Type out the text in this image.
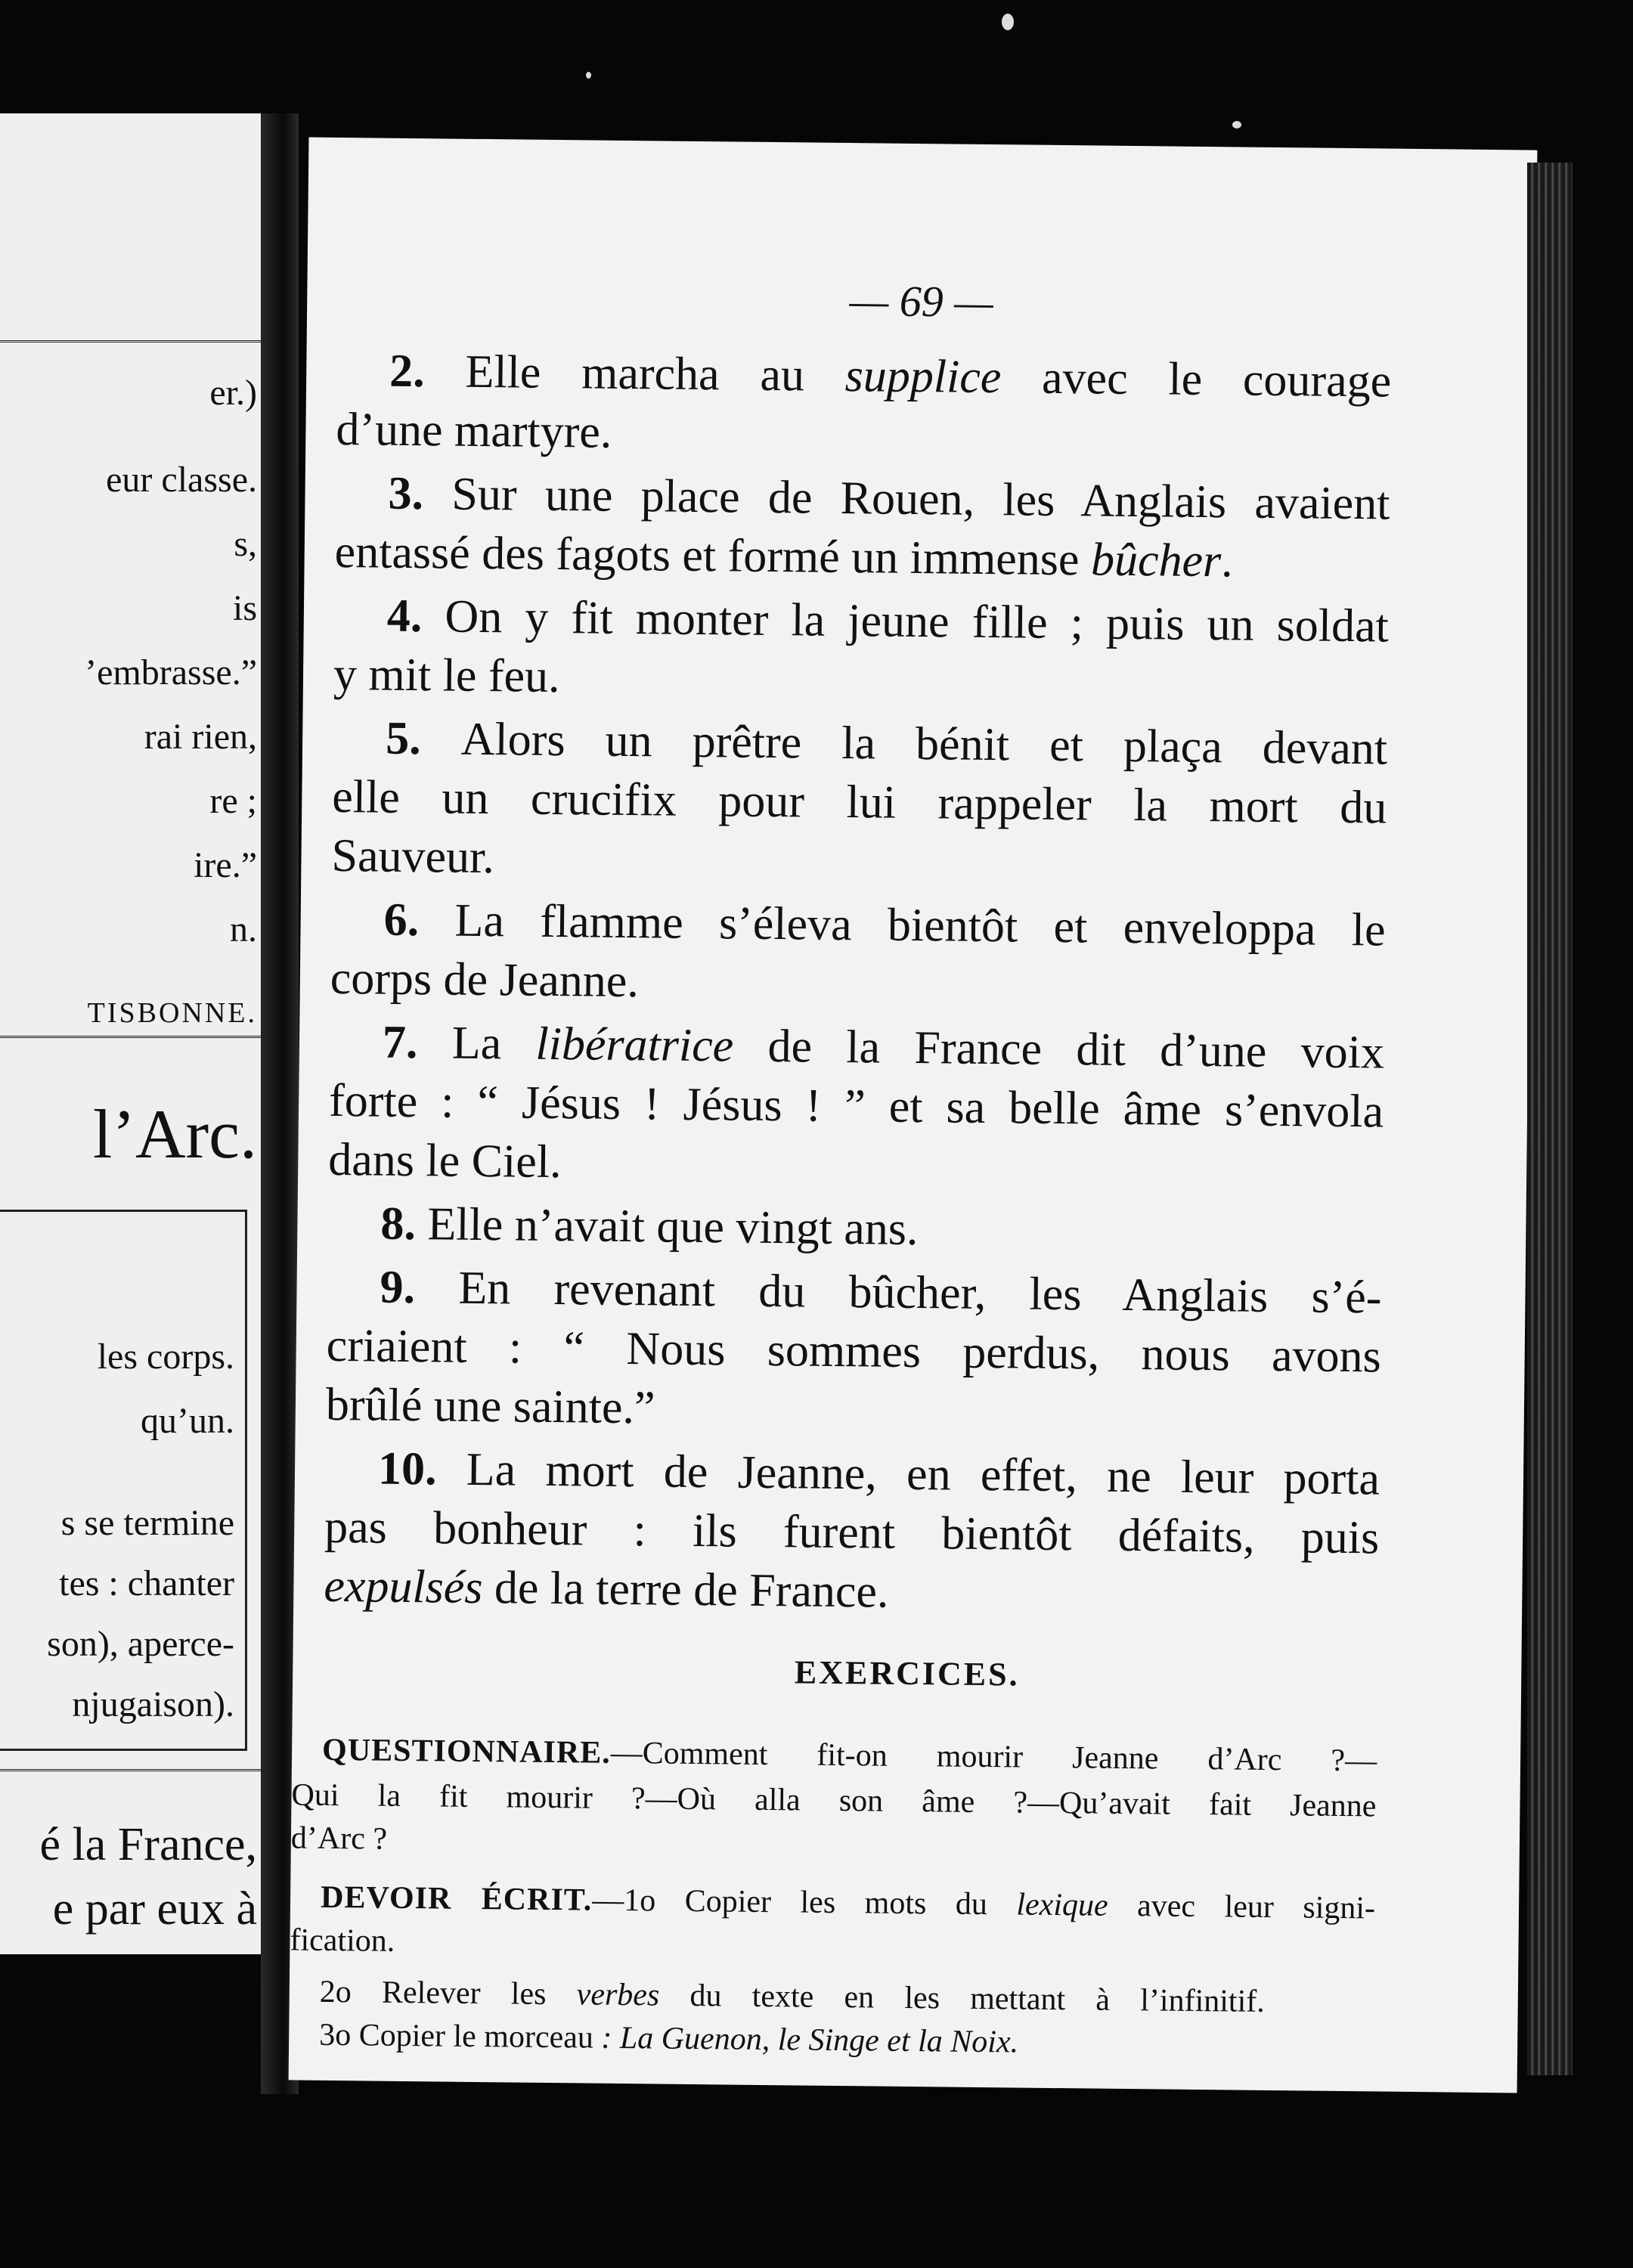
er.)
eur classe.
s,
is
’embrasse.”
rai rien,
re ;
ire.”
n.
TISBONNE.
l’Arc.
les corps.
qu’un.
s se termine
tes : chanter
son), aperce-
njugaison).
é la France,
e par eux à
— 69 —
2. Elle marcha au supplice avec le courage
d’une martyre.
3. Sur une place de Rouen, les Anglais avaient
entassé des fagots et formé un immense bûcher.
4. On y fit monter la jeune fille ; puis un soldat
y mit le feu.
5. Alors un prêtre la bénit et plaça devant
elle un crucifix pour lui rappeler la mort du
Sauveur.
6. La flamme s’éleva bientôt et enveloppa le
corps de Jeanne.
7. La libératrice de la France dit d’une voix
forte : “ Jésus ! Jésus ! ” et sa belle âme s’envola
dans le Ciel.
8. Elle n’avait que vingt ans.
9. En revenant du bûcher, les Anglais s’é-
criaient : “ Nous sommes perdus, nous avons
brûlé une sainte.”
10. La mort de Jeanne, en effet, ne leur porta
pas bonheur : ils furent bientôt défaits, puis
expulsés de la terre de France.
EXERCICES.
QUESTIONNAIRE.—Comment fit-on mourir Jeanne d’Arc ?—
Qui la fit mourir ?—Où alla son âme ?—Qu’avait fait Jeanne
d’Arc ?
DEVOIR ÉCRIT.—1o Copier les mots du lexique avec leur signi-
fication.
2o Relever les verbes du texte en les mettant à l’infinitif.
3o Copier le morceau : La Guenon, le Singe et la Noix.
